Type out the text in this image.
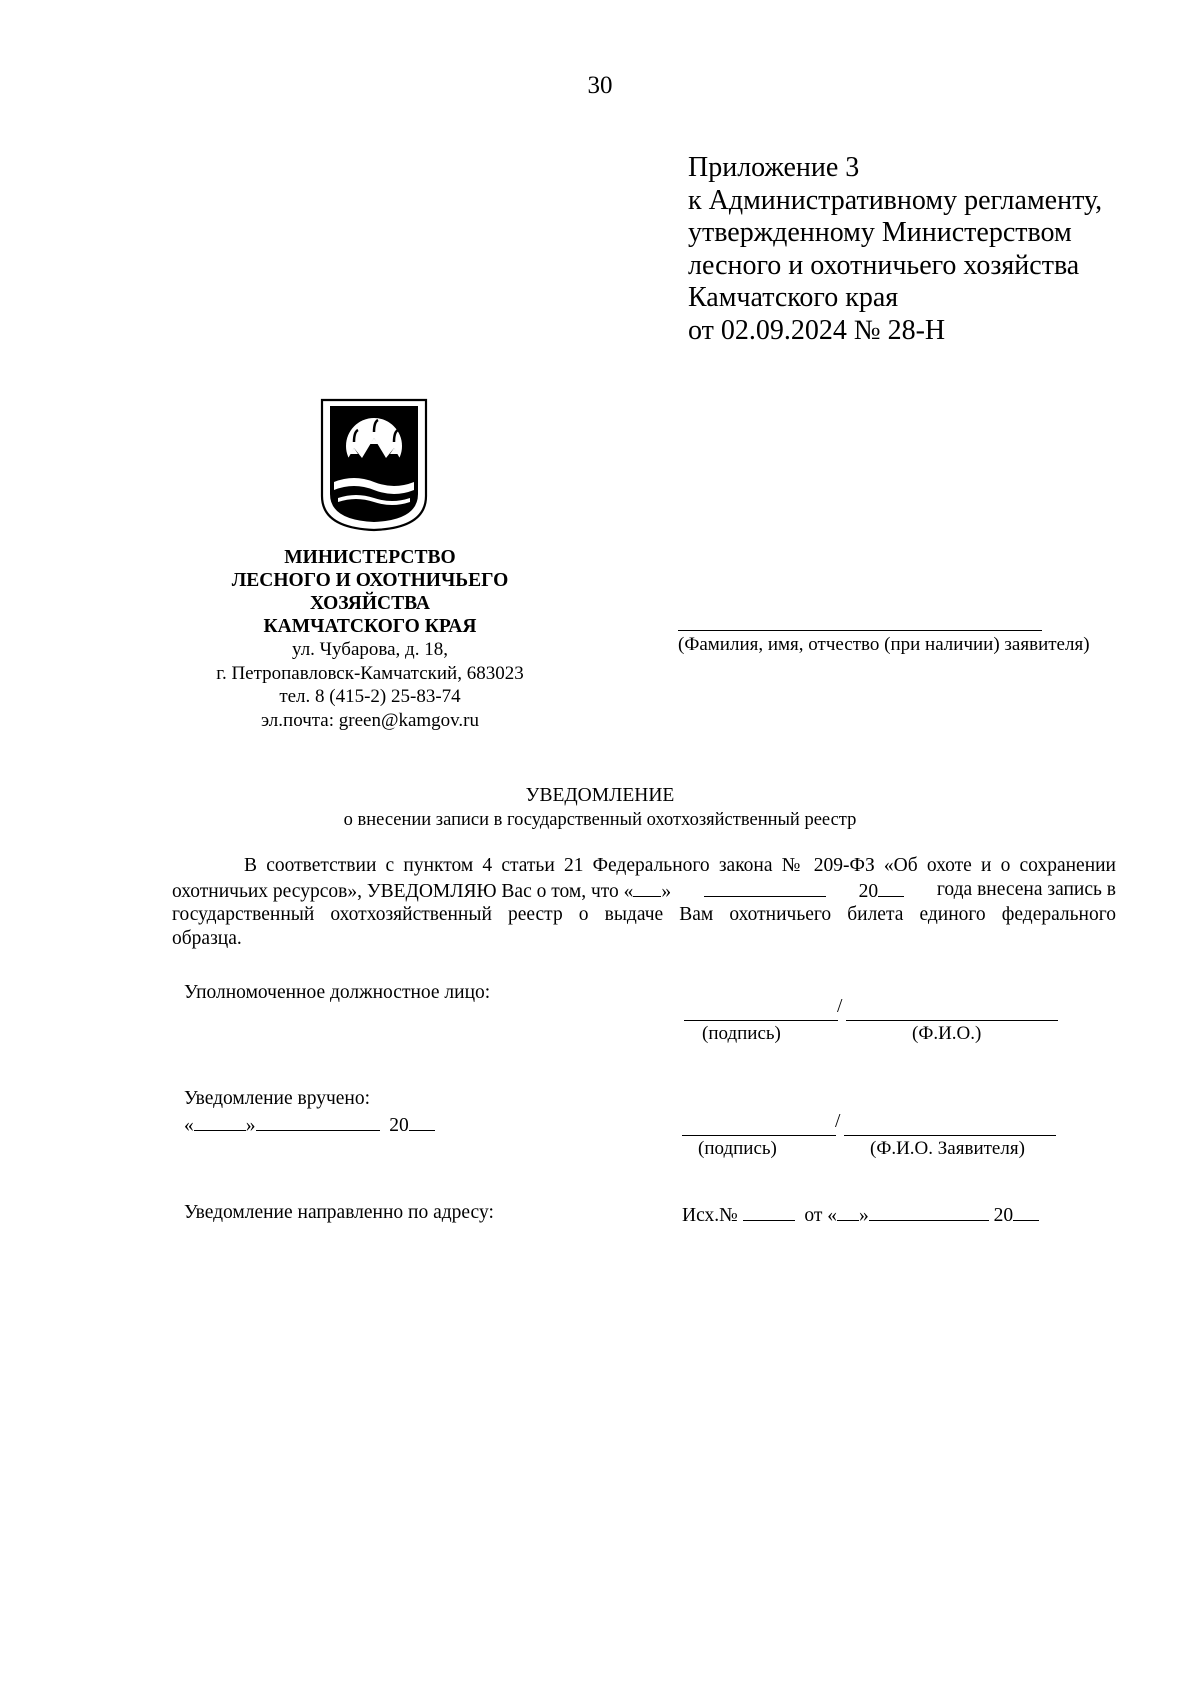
30
Приложение 3
к Административному регламенту,
утвержденному Министерством
лесного и охотничьего хозяйства
Камчатского края
от 02.09.2024 № 28-Н
МИНИСТЕРСТВО
ЛЕСНОГО И ОХОТНИЧЬЕГО
ХОЗЯЙСТВА
КАМЧАТСКОГО КРАЯ
ул. Чубарова, д. 18,
г. Петропавловск-Камчатский, 683023
тел. 8 (415-2) 25-83-74
эл.почта: green@kamgov.ru
(Фамилия, имя, отчество (при наличии) заявителя)
УВЕДОМЛЕНИЕ
о внесении записи в государственный охотхозяйственный реестр
В соответствии с пунктом 4 статьи 21 Федерального закона № 209-ФЗ «Об охоте и о сохранении
охотничьих ресурсов», УВЕДОМЛЯЮ Вас о том, что « »	20	года внесена запись в
государственный охотхозяйственный реестр о выдаче Вам охотничьего билета единого федерального
образца.
Уполномоченное должностное лицо:
/
(подпись)	(Ф.И.О.)
Уведомление вручено:
«	»	20	/
(подпись)	(Ф.И.О. Заявителя)
Уведомление направленно по адресу:	Исх.№	от « »	20
